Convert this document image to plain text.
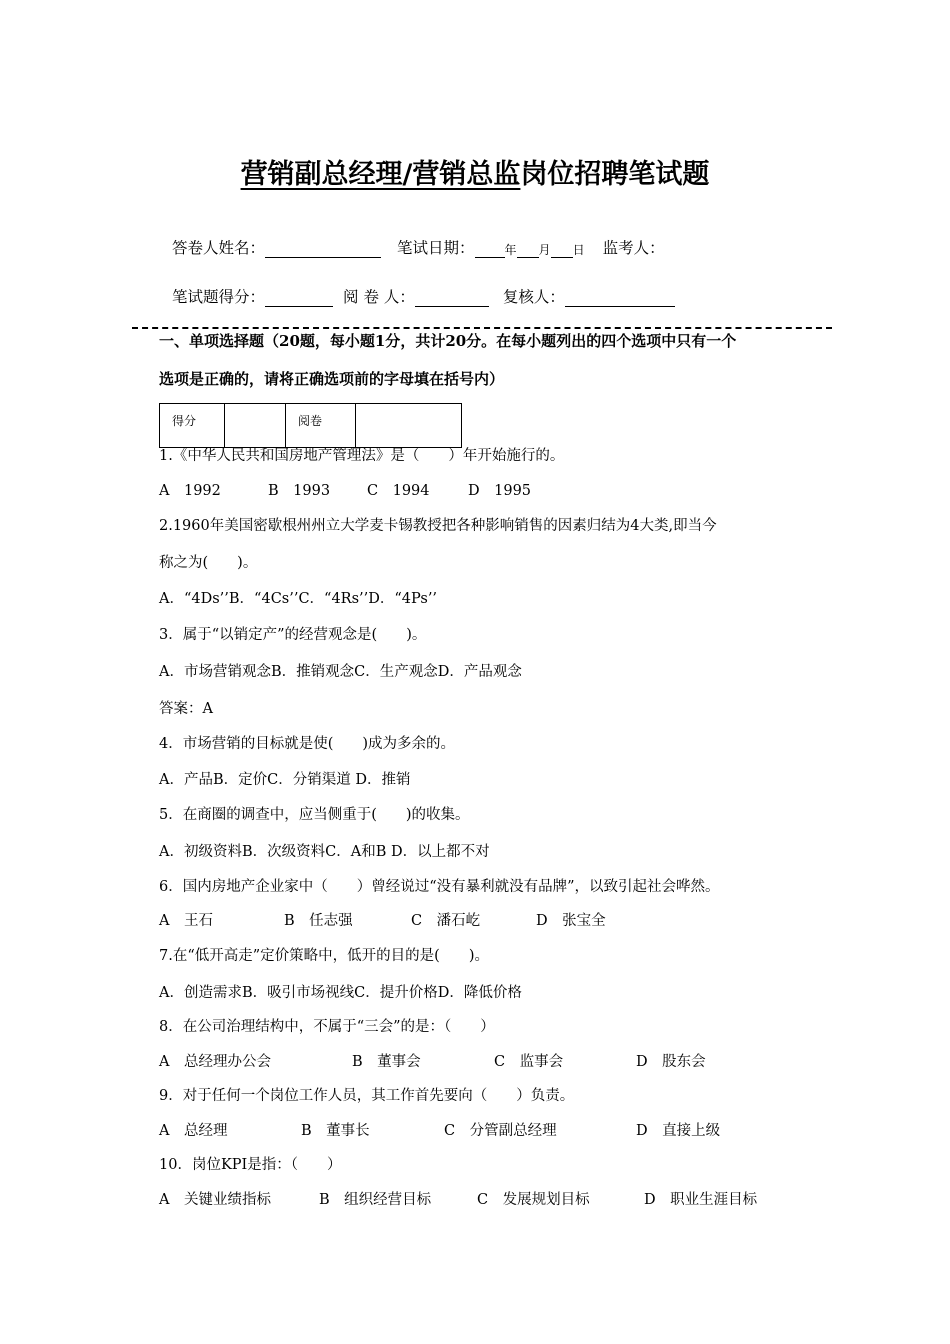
营销副总经理/营销总监岗位招聘笔试题
答卷人姓名：	笔试日期：	年 月 日 监考人：
笔试题得分：	阅 卷 人：	复核人：
一、单项选择题（20题，每小题1分，共计20分。在每小题列出的四个选项中只有一个
选项是正确的，请将正确选项前的字母填在括号内）
得分		阅卷	
1.《中华人民共和国房地产管理法》是（　　）年开始施行的。
A　1992	B　1993	C　1994	D　1995
2.1960年美国密歇根州州立大学麦卡锡教授把各种影响销售的因素归结为4大类,即当今
称之为(　　)。
A．“4Ds’’B．“4Cs’’C．“4Rs’’D．“4Ps’’
3．属于“以销定产”的经营观念是(　　)。
A．市场营销观念B．推销观念C．生产观念D．产品观念
答案：A
4．市场营销的目标就是使(　　)成为多余的。
A．产品B．定价C．分销渠道 D．推销
5．在商圈的调查中，应当侧重于(　　)的收集。
A．初级资料B．次级资料C．A和B D．以上都不对
6．国内房地产企业家中（　　）曾经说过“没有暴利就没有品牌”，以致引起社会哗然。
A　王石	B　任志强	C　潘石屹	D　张宝全
7.在“低开高走”定价策略中，低开的目的是(　　)。
A．创造需求B．吸引市场视线C．提升价格D．降低价格
8．在公司治理结构中，不属于“三会”的是：（　　）
A　总经理办公会	B　董事会	C　监事会	D　股东会
9．对于任何一个岗位工作人员，其工作首先要向（　　）负责。
A　总经理	B　董事长	C　分管副总经理	D　直接上级
10．岗位KPI是指：（　　）
A　关键业绩指标	B　组织经营目标	C　发展规划目标	D　职业生涯目标
